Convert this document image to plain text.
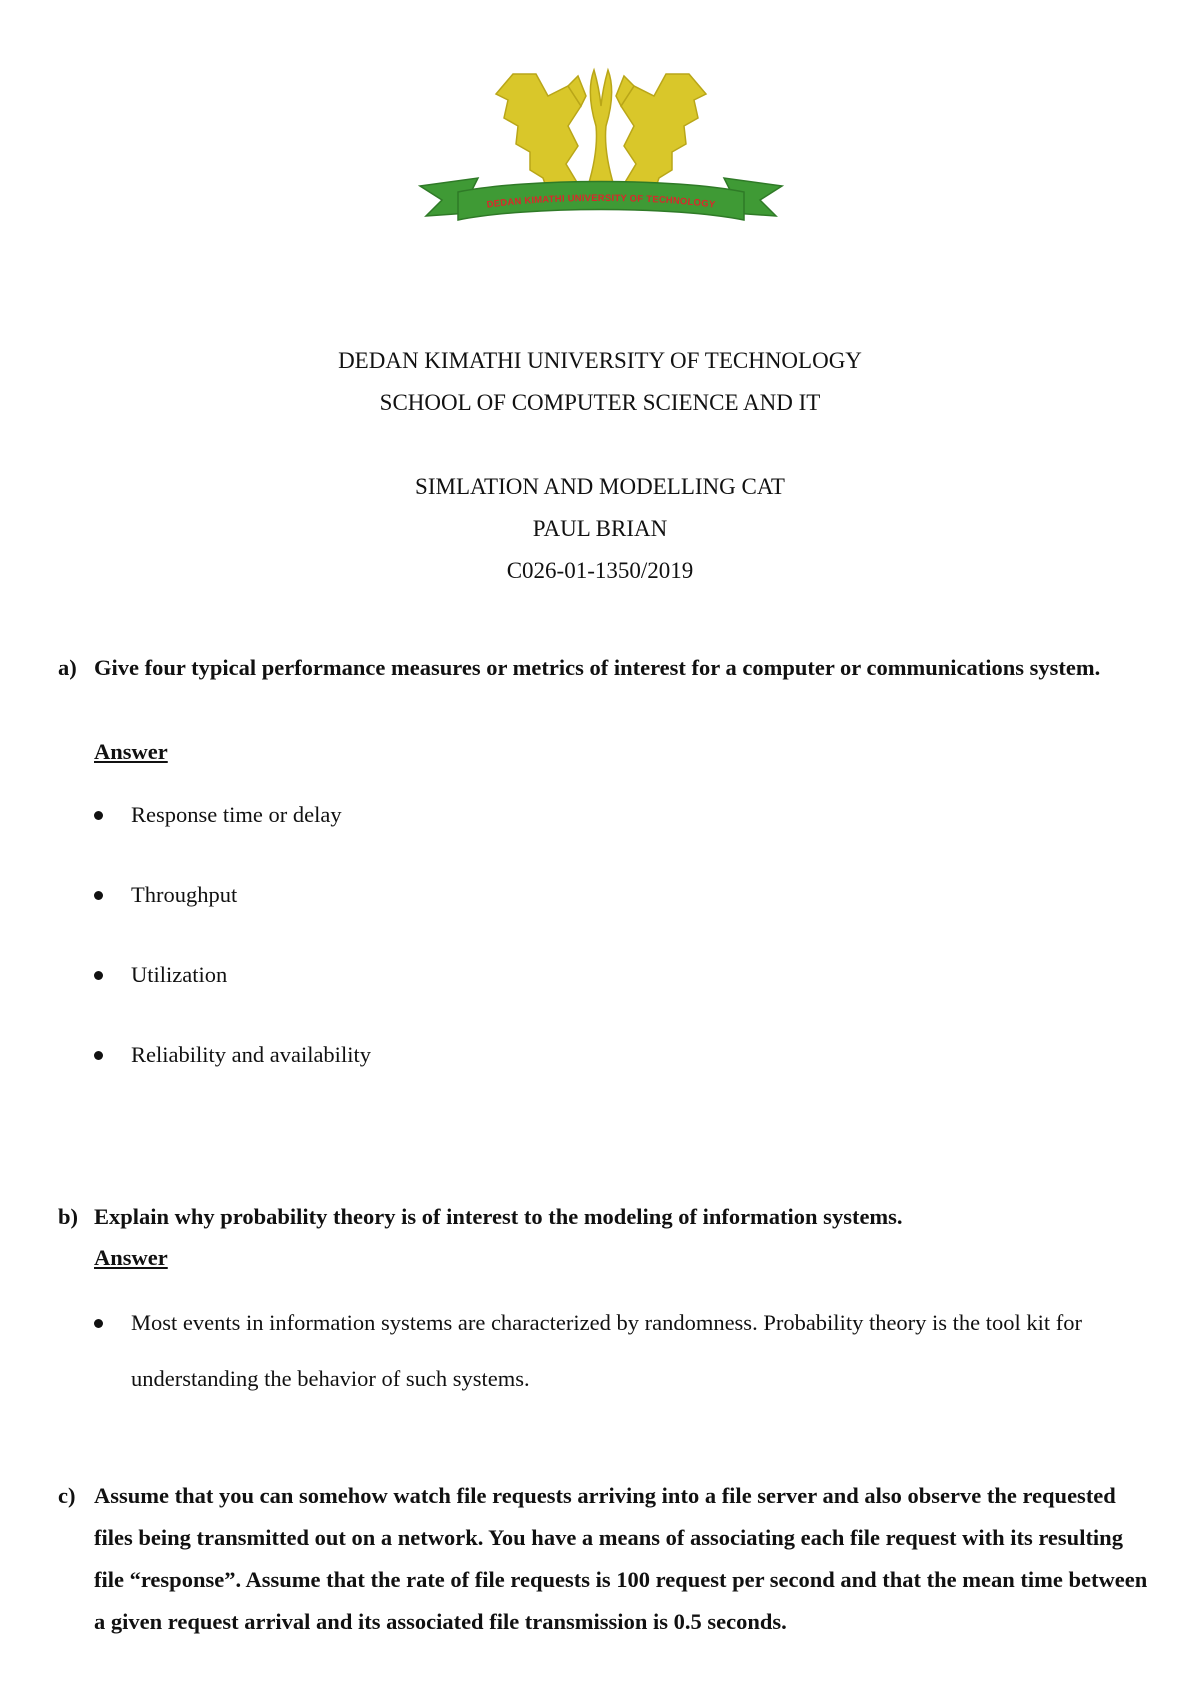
DEDAN KIMATHI UNIVERSITY OF TECHNOLOGY
DEDAN KIMATHI UNIVERSITY OF TECHNOLOGY
SCHOOL OF COMPUTER SCIENCE AND IT
SIMLATION AND MODELLING CAT
PAUL BRIAN
C026-01-1350/2019
a) Give four typical performance measures or metrics of interest for a computer or communications system.
Answer
Response time or delay
Throughput
Utilization
Reliability and availability
b) Explain why probability theory is of interest to the modeling of information systems.
Answer
Most events in information systems are characterized by randomness. Probability theory is the tool kit for understanding the behavior of such systems.
c) Assume that you can somehow watch file requests arriving into a file server and also observe the requested files being transmitted out on a network. You have a means of associating each file request with its resulting file “response”. Assume that the rate of file requests is 100 request per second and that the mean time between a given request arrival and its associated file transmission is 0.5 seconds.
